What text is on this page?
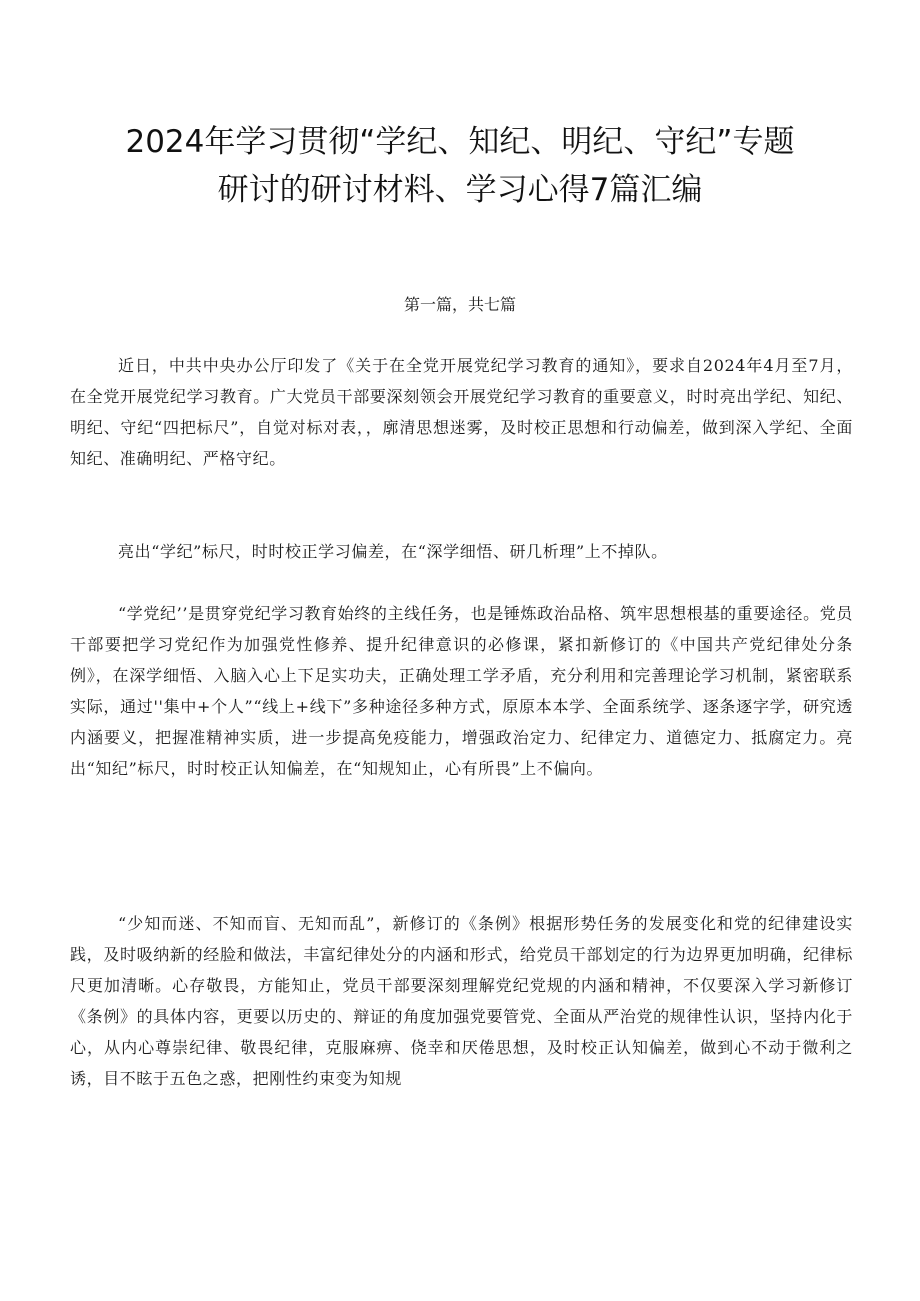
2024年学习贯彻“学纪、知纪、明纪、守纪”专题
研讨的研讨材料、学习心得7篇汇编

第一篇，共七篇

近日，中共中央办公厅印发了《关于在全党开展党纪学习教育的通知》，要求自2024年4月至7月，在全党开展党纪学习教育。广大党员干部要深刻领会开展党纪学习教育的重要意义，时时亮出学纪、知纪、明纪、守纪“四把标尺”，自觉对标对表，，廓清思想迷雾，及时校正思想和行动偏差，做到深入学纪、全面知纪、准确明纪、严格守纪。

亮出“学纪”标尺，时时校正学习偏差，在“深学细悟、研几析理”上不掉队。

“学党纪’’是贯穿党纪学习教育始终的主线任务，也是锤炼政治品格、筑牢思想根基的重要途径。党员干部要把学习党纪作为加强党性修养、提升纪律意识的必修课，紧扣新修订的《中国共产党纪律处分条例》，在深学细悟、入脑入心上下足实功夫，正确处理工学矛盾，充分利用和完善理论学习机制，紧密联系实际，通过''集中+个人”“线上+线下”多种途径多种方式，原原本本学、全面系统学、逐条逐字学，研究透内涵要义，把握准精神实质，进一步提高免疫能力，增强政治定力、纪律定力、道德定力、抵腐定力。亮出“知纪”标尺，时时校正认知偏差，在“知规知止，心有所畏”上不偏向。

“少知而迷、不知而盲、无知而乱”，新修订的《条例》根据形势任务的发展变化和党的纪律建设实践，及时吸纳新的经脸和做法，丰富纪律处分的内涵和形式，给党员干部划定的行为边界更加明确，纪律标尺更加清晰。心存敬畏，方能知止，党员干部要深刻理解党纪党规的内涵和精神，不仅要深入学习新修订《条例》的具体内容，更要以历史的、辩证的角度加强党要管党、全面从严治党的规律性认识，坚持内化于心，从内心尊崇纪律、敬畏纪律，克服麻痹、侥幸和厌倦思想，及时校正认知偏差，做到心不动于微利之诱，目不眩于五色之惑，把刚性约束变为知规
